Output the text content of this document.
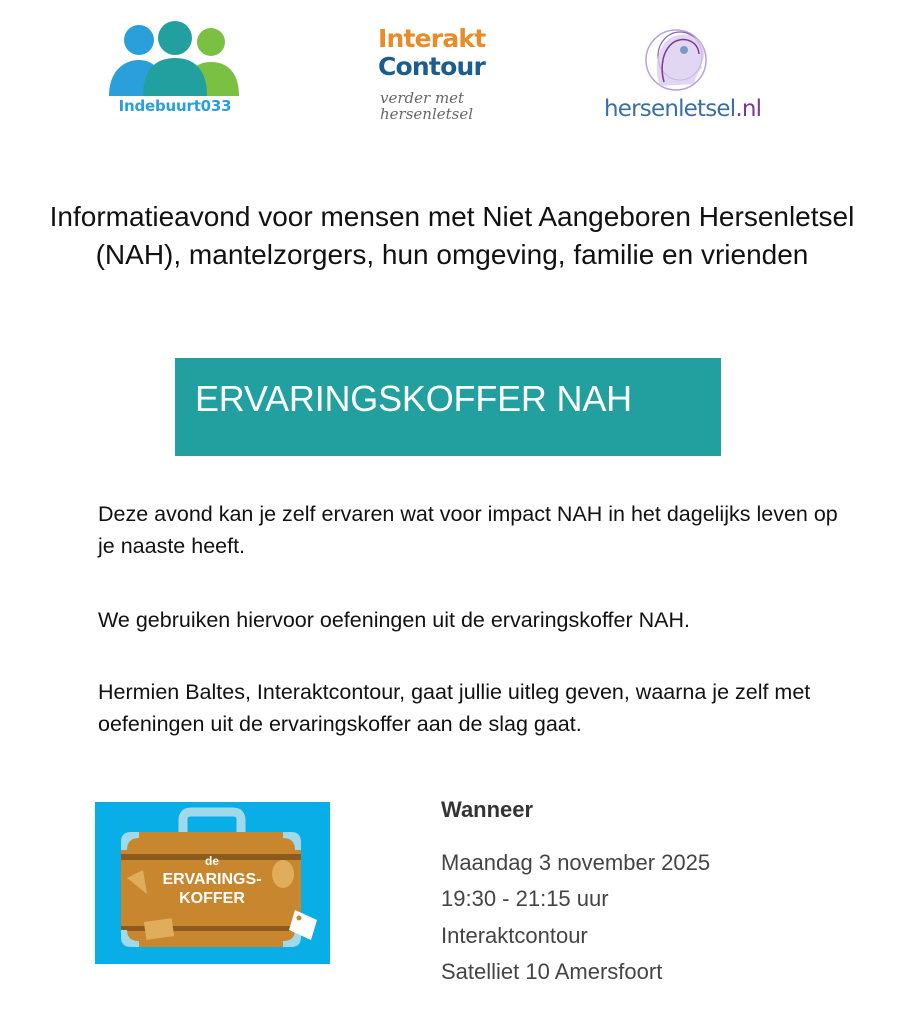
Indebuurt033
Interakt
Contour
verder met
hersenletsel	hersenletsel.nl
Informatieavond voor mensen met Niet Aangeboren Hersenletsel (NAH), mantelzorgers, hun omgeving, familie en vrienden
ERVARINGSKOFFER NAH
Deze avond kan je zelf ervaren wat voor impact NAH in het dagelijks leven op je naaste heeft.
We gebruiken hiervoor oefeningen uit de ervaringskoffer NAH.
Hermien Baltes, Interaktcontour, gaat jullie uitleg geven, waarna je zelf met oefeningen uit de ervaringskoffer aan de slag gaat.
de
ERVARINGS-
KOFFER
Wanneer
Maandag 3 november 2025
19:30 - 21:15 uur
Interaktcontour
Satelliet 10 Amersfoort
